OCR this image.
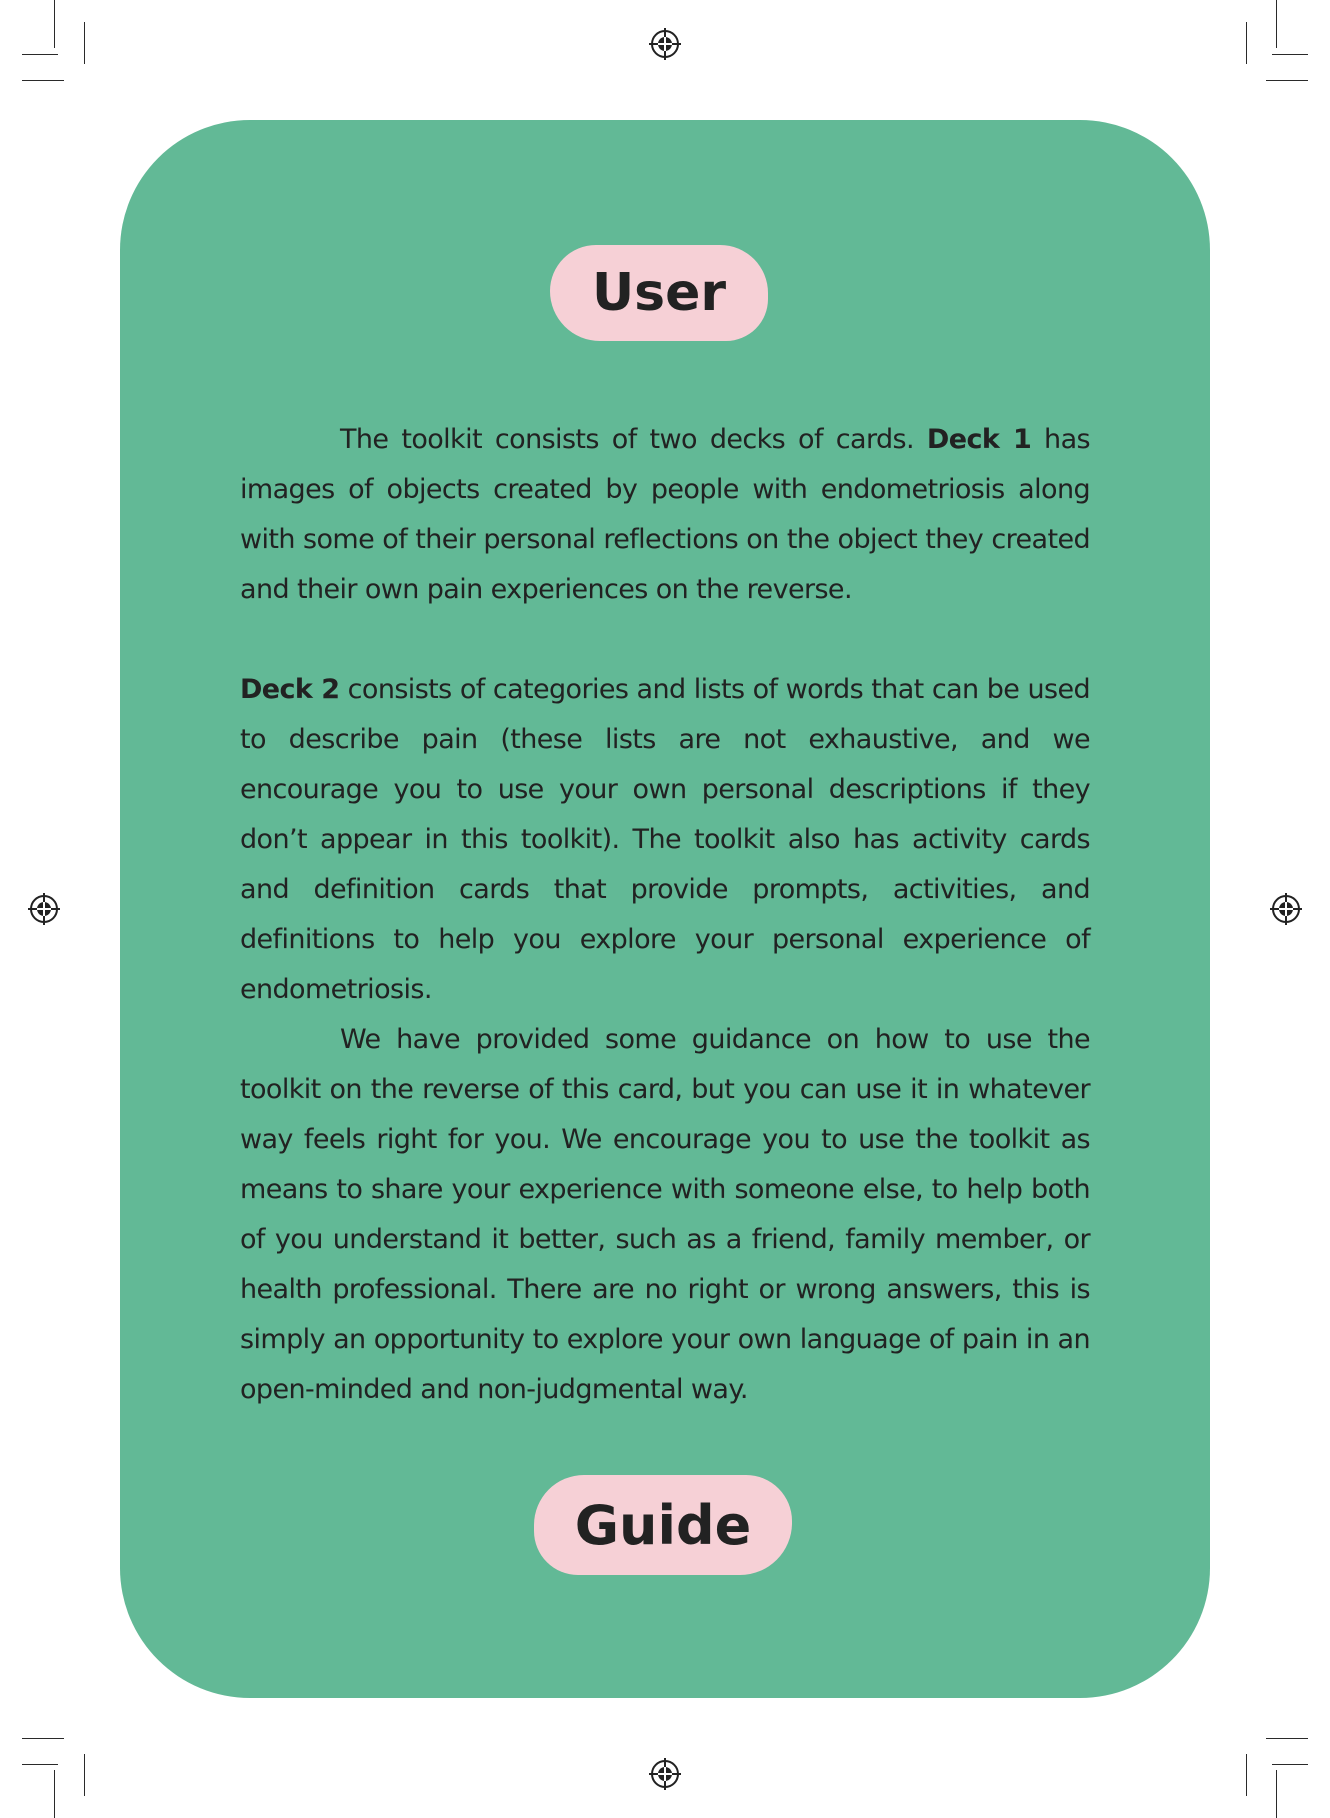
User
The toolkit consists of two decks of cards. Deck 1 has images of objects created by people with endometriosis along with some of their personal reflections on the object they created and their own pain experiences on the reverse.
Deck 2 consists of categories and lists of words that can be used to describe pain (these lists are not exhaustive, and we encourage you to use your own personal descriptions if they don’t appear in this toolkit). The toolkit also has activity cards and definition cards that provide prompts, activities, and definitions to help you explore your personal experience of endometriosis.
We have provided some guidance on how to use the toolkit on the reverse of this card, but you can use it in whatever way feels right for you. We encourage you to use the toolkit as means to share your experience with someone else, to help both of you understand it better, such as a friend, family member, or health professional. There are no right or wrong answers, this is simply an opportunity to explore your own language of pain in an open-minded and non-judgmental way.
Guide
